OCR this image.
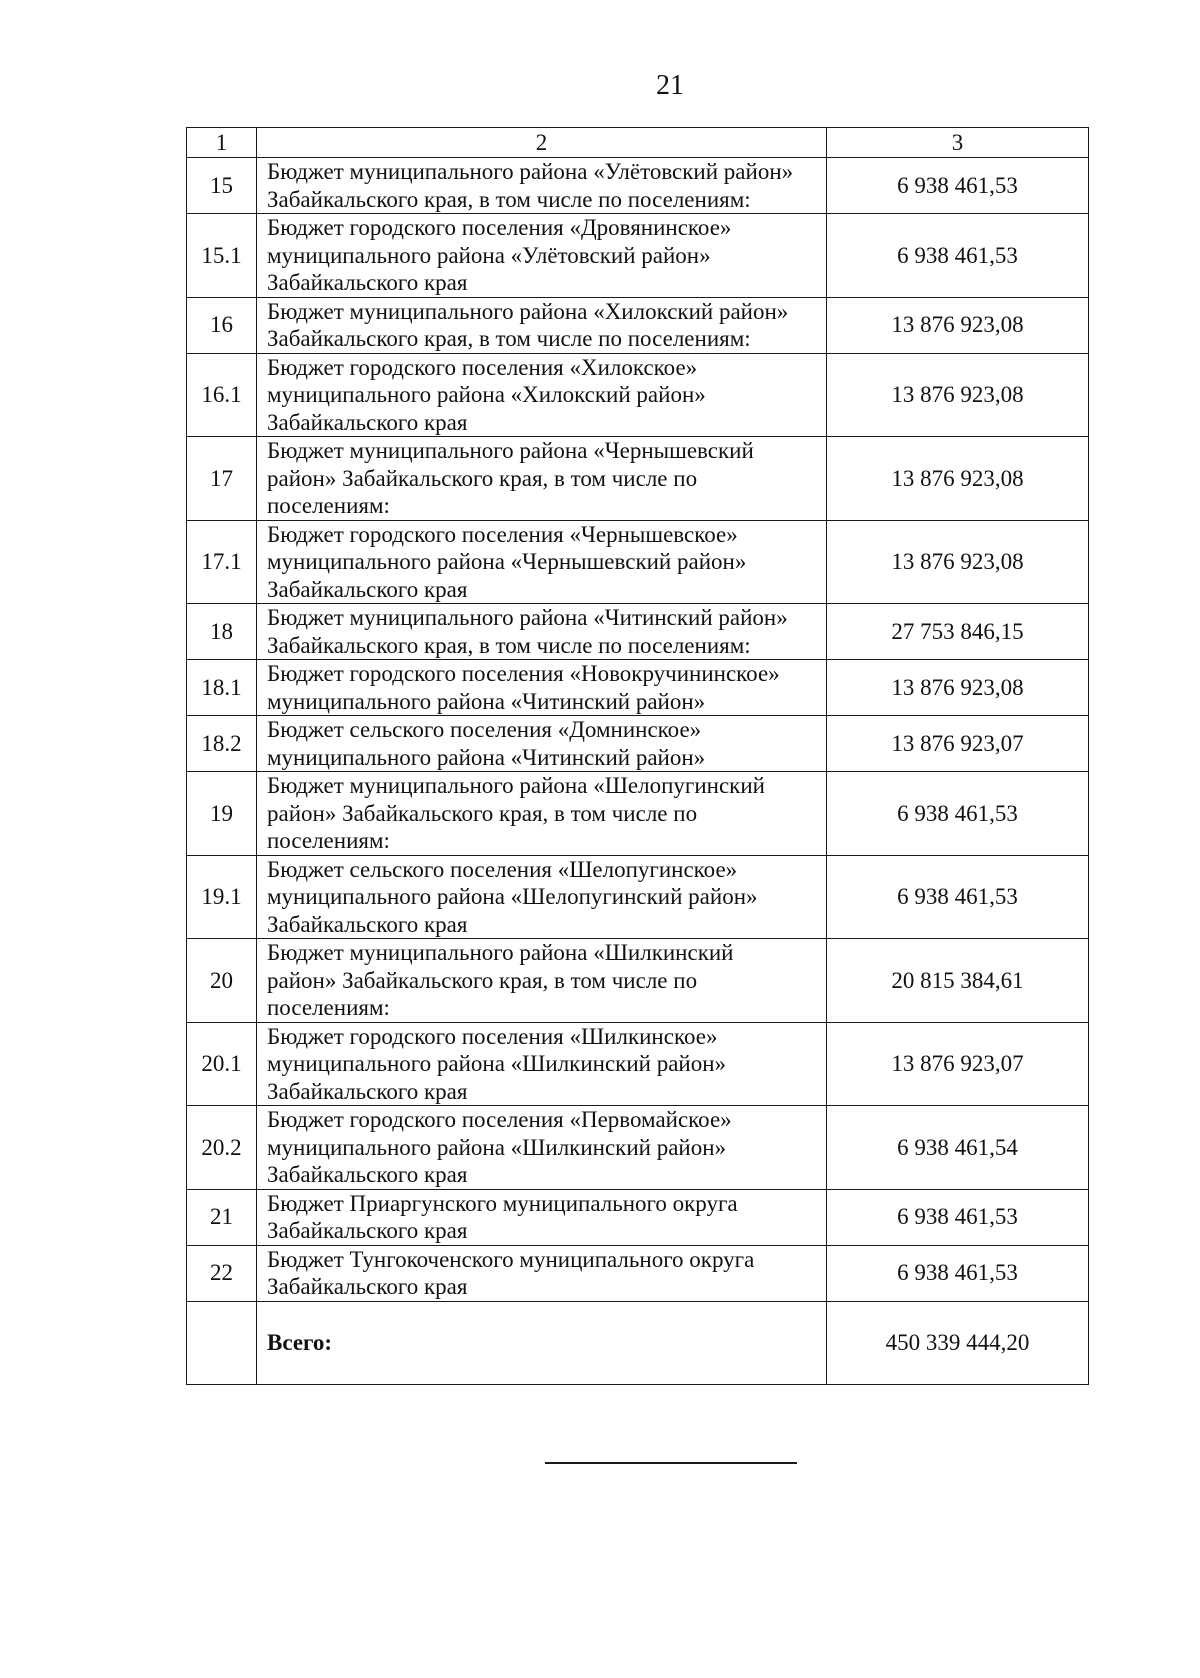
21
1	2	3
15	Бюджет муниципального района «Улётовский район»
Забайкальского края, в том числе по поселениям:	6 938 461,53
15.1	Бюджет городского поселения «Дровянинское»
муниципального района «Улётовский район»
Забайкальского края	6 938 461,53
16	Бюджет муниципального района «Хилокский район»
Забайкальского края, в том числе по поселениям:	13 876 923,08
16.1	Бюджет городского поселения «Хилокское»
муниципального района «Хилокский район»
Забайкальского края	13 876 923,08
17	Бюджет муниципального района «Чернышевский
район» Забайкальского края, в том числе по
поселениям:	13 876 923,08
17.1	Бюджет городского поселения «Чернышевское»
муниципального района «Чернышевский район»
Забайкальского края	13 876 923,08
18	Бюджет муниципального района «Читинский район»
Забайкальского края, в том числе по поселениям:	27 753 846,15
18.1	Бюджет городского поселения «Новокручининское»
муниципального района «Читинский район»	13 876 923,08
18.2	Бюджет сельского поселения «Домнинское»
муниципального района «Читинский район»	13 876 923,07
19	Бюджет муниципального района «Шелопугинский
район» Забайкальского края, в том числе по
поселениям:	6 938 461,53
19.1	Бюджет сельского поселения «Шелопугинское»
муниципального района «Шелопугинский район»
Забайкальского края	6 938 461,53
20	Бюджет муниципального района «Шилкинский
район» Забайкальского края, в том числе по
поселениям:	20 815 384,61
20.1	Бюджет городского поселения «Шилкинское»
муниципального района «Шилкинский район»
Забайкальского края	13 876 923,07
20.2	Бюджет городского поселения «Первомайское»
муниципального района «Шилкинский район»
Забайкальского края	6 938 461,54
21	Бюджет Приаргунского муниципального округа
Забайкальского края	6 938 461,53
22	Бюджет Тунгокоченского муниципального округа
Забайкальского края	6 938 461,53
	Всего:	450 339 444,20
